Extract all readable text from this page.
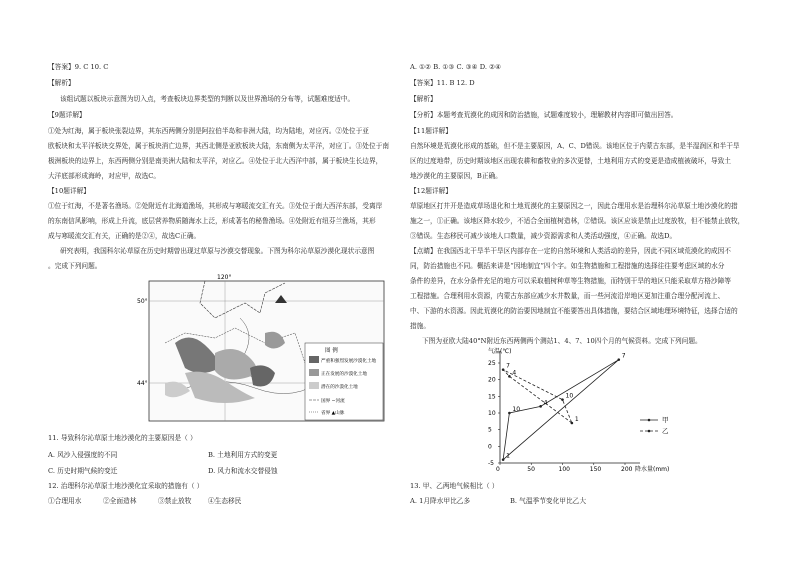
【答案】9. C 10. C
【解析】
该组试题以板块示意图为切入点，考查板块边界类型的判断以及世界渔场的分布等，试题难度适中。
【9题详解】
①处为红海，属于板块张裂边界，其东西两侧分别是阿拉伯半岛和非洲大陆，均为陆地，对应丙。②处位于亚
欧板块和太平洋板块交界处，属于板块消亡边界，其西北侧是亚欧板块大陆，东南侧为太平洋，对应丁。③处位于南
极洲板块的边界上，东西两侧分别是南美洲大陆和太平洋，对应乙。④处位于北大西洋中部，属于板块生长边界，
大洋底部形成海岭，对应甲，故选C。
【10题详解】
①位于红海，不是著名渔场。②处附近有北海道渔场，其形成与寒暖流交汇有关。③处位于南大西洋东部，受离岸
的东南信风影响，形成上升流，底层营养物质随海水上泛，形成著名的秘鲁渔场。④处附近有纽芬兰渔场，其形
成与寒暖流交汇有关，正确的是②④，故选C正确。
研究表明，我国科尔沁草原在历史时期曾出现过草原与沙漠交替现象。下图为科尔沁草原沙漠化现状示意图
。完成下列问题。
120°
50°
44°
图 例
严重和强烈发展沙漠化土地
正在发展的沙漠化土地
潜在的沙漠化土地
国界 ∽河流
省界 ▲山脉
11. 导致科尔沁草原土地沙漠化的主要原因是（ ）
A. 风沙入侵强度的不同	B. 土地利用方式的变更
C. 历史时期气候的变迁	D. 风力和流水交替侵蚀
12. 治理科尔沁草原土地沙漠化宜采取的措施有（ ）
①合理用水	②全面造林	③禁止放牧 ④生态移民
A. ①② B. ①③ C. ③④ D. ②④
【答案】11. B 12. D
【解析】
【分析】本题考查荒漠化的成因和防治措施，试题难度较小，理解教材内容即可做出回答。
【11题详解】
自然环境是荒漠化形成的基础，但不是主要原因，A、C、D错误。该地区位于内蒙古东部，是半湿润区和半干旱
区的过度地带，历史时期该地区出现农耕和畜牧业的多次更替，土地利用方式的变更是造成植被破坏，导致土
地沙漠化的主要原因，B正确。
【12题详解】
草原地区打井开是造成草场退化和土地荒漠化的主要原因之一，因此合理用水是治理科尔沁草原土地沙漠化的措
施之一，①正确。该地区降水较少，不适合全面植树造林，②错误。该区应该是禁止过度放牧，但不能禁止放牧，
③错误。生态移民可减少该地人口数量，减少资源需求和人类活动强度，④正确。故选D。
【点睛】在我国西北干旱半干旱区内部存在一定的自然环境和人类活动的差异，因此不同区域荒漠化的成因不
同，防治措施也不同。概括来讲是“因地制宜”四个字。如生物措施和工程措施的选择往往要考虑区域的水分
条件的差异，在水分条件充足的地方可以采取植树种草等生物措施，而特别干旱的地区只能采取草方格沙障等
工程措施。合理利用水资源，内蒙古东部应减少水井数量，而一些河流沿岸地区更加注重合理分配河流上、
中、下游的水资源。因此荒漠化的防治要因地制宜不能要答出具体措施，要结合区域地理环境特征，选择合适的
措施。
下图为亚欧大陆40°N附近东西两侧两个测站1、4、7、10四个月的气候资料。完成下列问题。
13. 甲、乙两地气候相比（ ）
A. 1月降水甲比乙多	B. 气温季节变化甲比乙大
气温(℃)
降水量(mm)
0	50	100	150	200
-5
0
5
10
15
20
25
1
10
4
7
1
4
7
10
甲
乙
